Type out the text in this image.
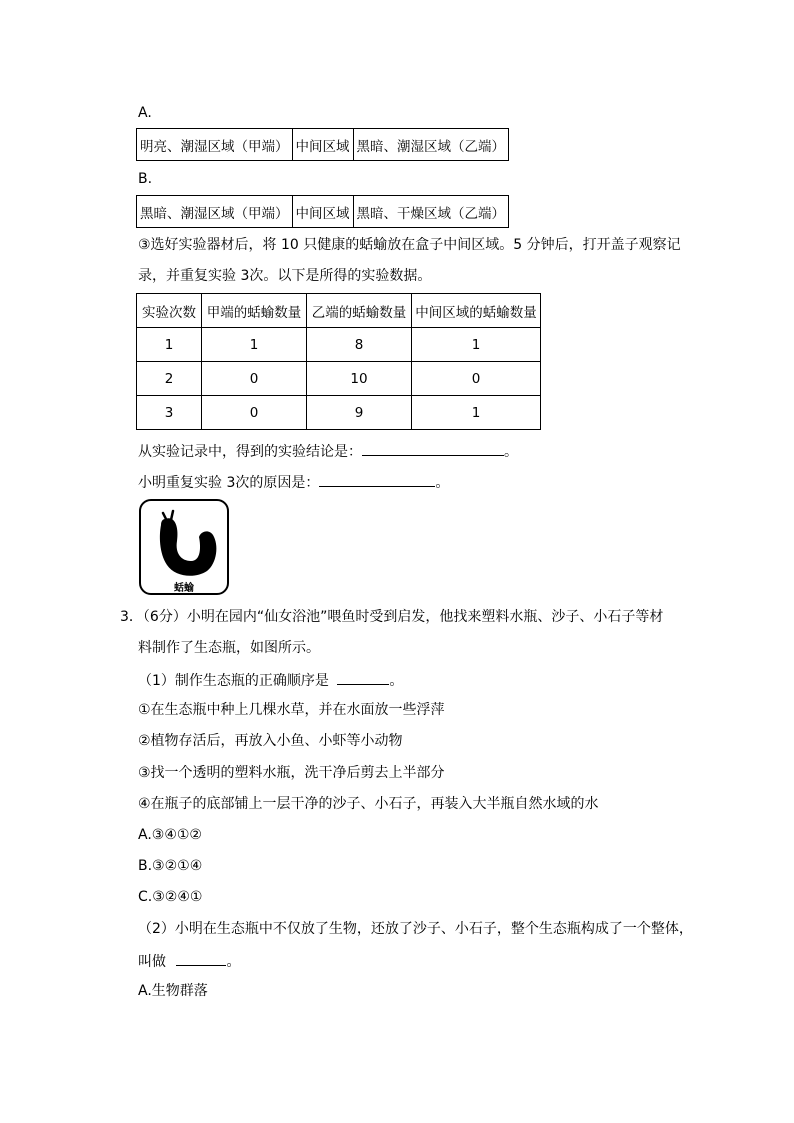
A.
明亮、潮湿区域（甲端）	中间区域	黑暗、潮湿区域（乙端）
B.
黑暗、潮湿区域（甲端）	中间区域	黑暗、干燥区域（乙端）
③选好实验器材后，将 10 只健康的蛞蝓放在盒子中间区域。5 分钟后，打开盖子观察记
录，并重复实验 3次。以下是所得的实验数据。
实验次数	甲端的蛞蝓数量	乙端的蛞蝓数量	中间区域的蛞蝓数量
1	1	8	1
2	0	10	0
3	0	9	1
从实验记录中，得到的实验结论是：	。
小明重复实验 3次的原因是：	。
蛞蝓
3．（6分）小明在园内“仙女浴池”喂鱼时受到启发，他找来塑料水瓶、沙子、小石子等材
料制作了生态瓶，如图所示。
（1）制作生态瓶的正确顺序是	。
①在生态瓶中种上几棵水草，并在水面放一些浮萍
②植物存活后，再放入小鱼、小虾等小动物
③找一个透明的塑料水瓶，洗干净后剪去上半部分
④在瓶子的底部铺上一层干净的沙子、小石子，再装入大半瓶自然水域的水
A.③④①②
B.③②①④
C.③②④①
（2）小明在生态瓶中不仅放了生物，还放了沙子、小石子，整个生态瓶构成了一个整体，
叫做	。
A.生物群落
